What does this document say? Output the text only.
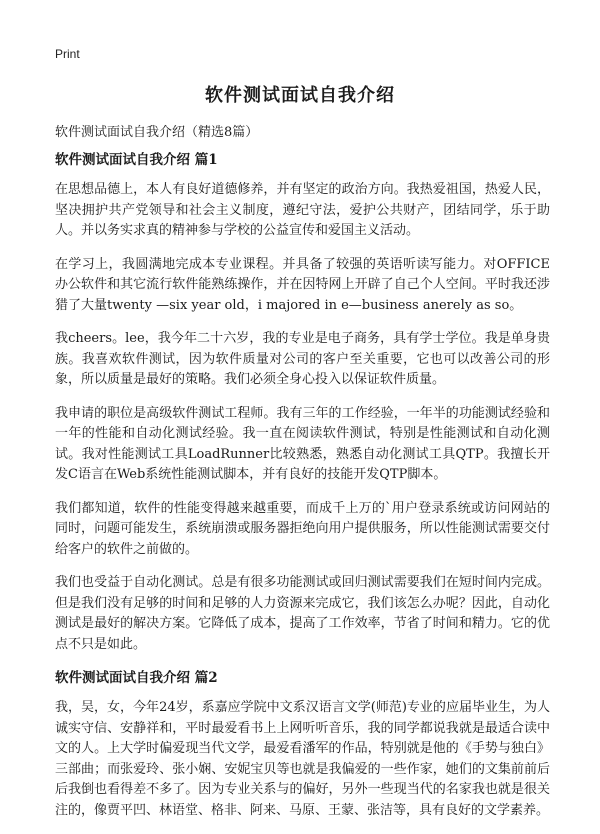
Print
软件测试面试自我介绍

软件测试面试自我介绍（精选8篇）

软件测试面试自我介绍 篇1

在思想品德上，本人有良好道德修养，并有坚定的政治方向。我热爱祖国，热爱人民，坚决拥护共产党领导和社会主义制度，遵纪守法，爱护公共财产，团结同学，乐于助人。并以务实求真的精神参与学校的公益宣传和爱国主义活动。

在学习上，我圆满地完成本专业课程。并具备了较强的英语听读写能力。对OFFICE办公软件和其它流行软件能熟练操作，并在因特网上开辟了自己个人空间。平时我还涉猎了大量twenty —six year old，i majored in e—business anerely as so。

我cheers。lee，我今年二十六岁，我的专业是电子商务，具有学士学位。我是单身贵族。我喜欢软件测试，因为软件质量对公司的客户至关重要，它也可以改善公司的形象，所以质量是最好的策略。我们必须全身心投入以保证软件质量。

我申请的职位是高级软件测试工程师。我有三年的工作经验，一年半的功能测试经验和一年的性能和自动化测试经验。我一直在阅读软件测试，特别是性能测试和自动化测试。我对性能测试工具LoadRunner比较熟悉，熟悉自动化测试工具QTP。我擅长开发C语言在Web系统性能测试脚本，并有良好的技能开发QTP脚本。

我们都知道，软件的性能变得越来越重要，而成千上万的`用户登录系统或访问网站的同时，问题可能发生，系统崩溃或服务器拒绝向用户提供服务，所以性能测试需要交付给客户的软件之前做的。

我们也受益于自动化测试。总是有很多功能测试或回归测试需要我们在短时间内完成。但是我们没有足够的时间和足够的人力资源来完成它，我们该怎么办呢？因此，自动化测试是最好的解决方案。它降低了成本，提高了工作效率，节省了时间和精力。它的优点不只是如此。

软件测试面试自我介绍 篇2

我，吴，女，今年24岁，系嘉应学院中文系汉语言文学(师范)专业的应届毕业生，为人诚实守信、安静祥和，平时最爱看书上上网听听音乐，我的同学都说我就是最适合读中文的人。上大学时偏爱现当代文学，最爱看潘军的作品，特别就是他的《手势与独白》三部曲；而张爱玲、张小娴、安妮宝贝等也就是我偏爱的一些作家，她们的文集前前后后我倒也看得差不多了。因为专业关系与的偏好，另外一些现当代的名家我也就是很关注的，像贾平凹、林语堂、格非、阿来、马原、王蒙、张洁等，具有良好的文学素养。
